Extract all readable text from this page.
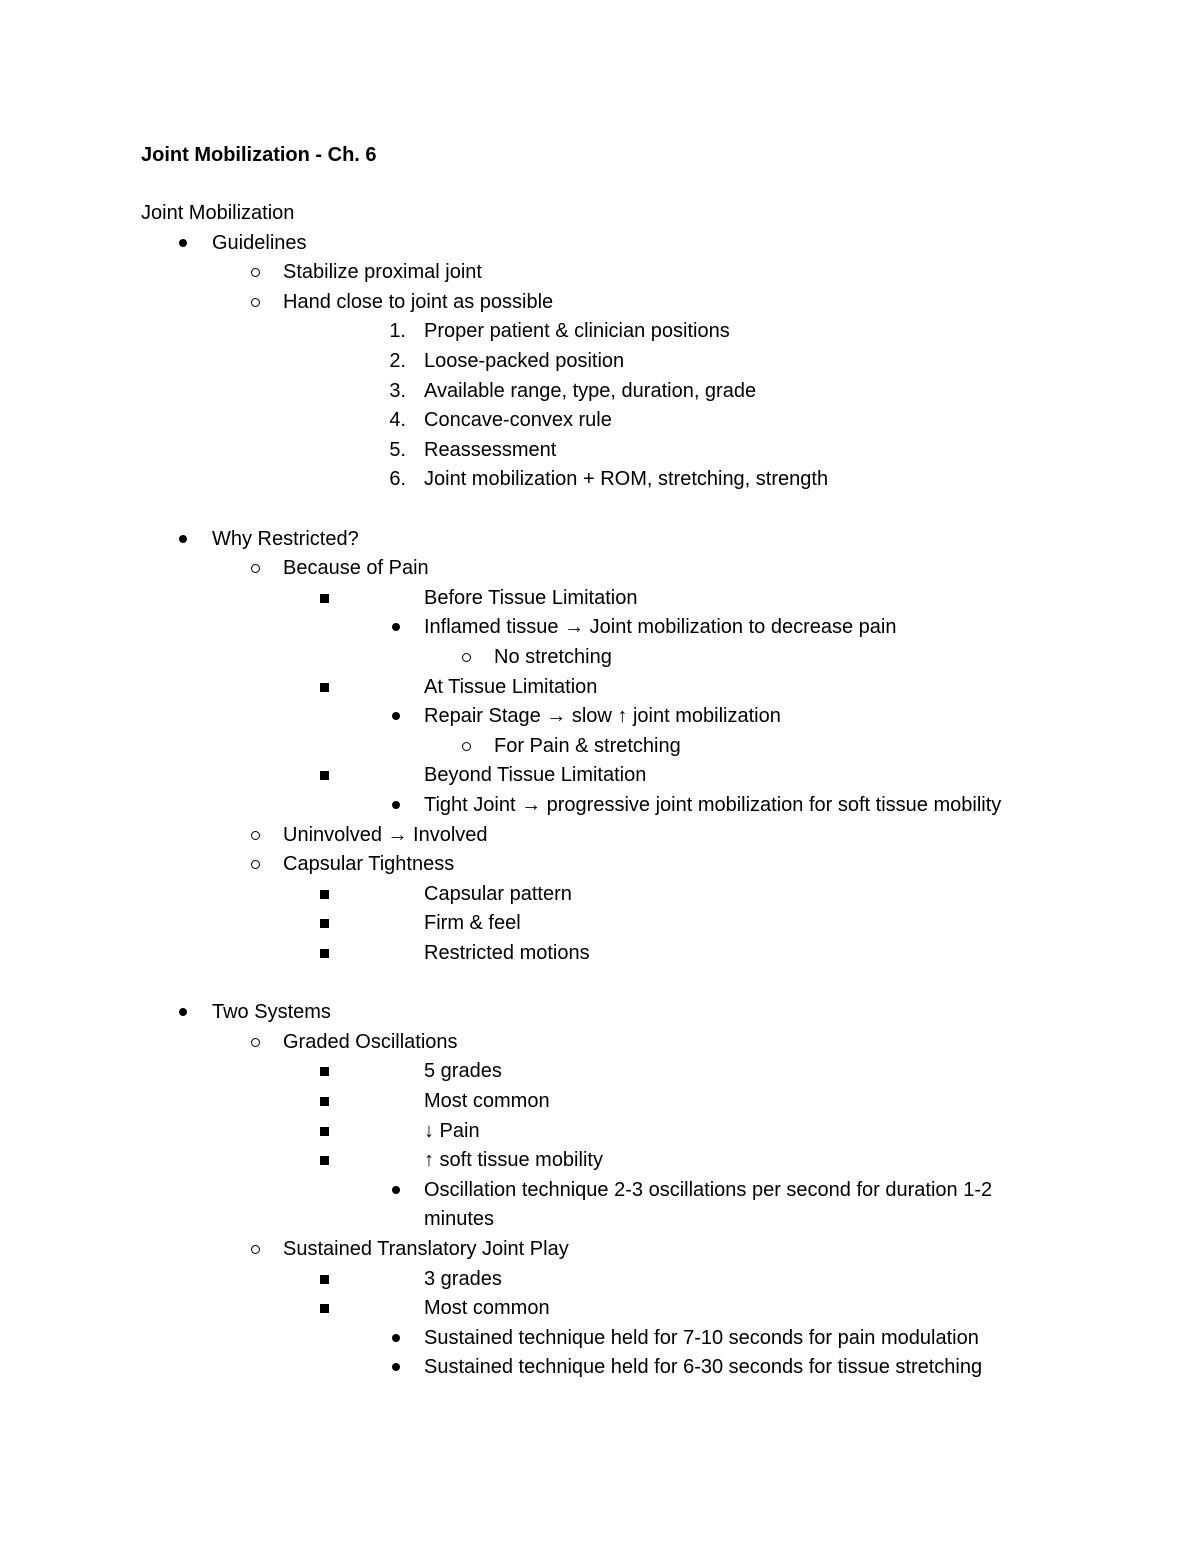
Joint Mobilization - Ch. 6
Joint Mobilization
Guidelines
Stabilize proximal joint
Hand close to joint as possible
1. Proper patient & clinician positions
2. Loose-packed position
3. Available range, type, duration, grade
4. Concave-convex rule
5. Reassessment
6. Joint mobilization + ROM, stretching, strength
Why Restricted?
Because of Pain
Before Tissue Limitation
Inflamed tissue → Joint mobilization to decrease pain
No stretching
At Tissue Limitation
Repair Stage → slow ↑ joint mobilization
For Pain & stretching
Beyond Tissue Limitation
Tight Joint → progressive joint mobilization for soft tissue mobility
Uninvolved → Involved
Capsular Tightness
Capsular pattern
Firm & feel
Restricted motions
Two Systems
Graded Oscillations
5 grades
Most common
↓ Pain
↑ soft tissue mobility
Oscillation technique 2-3 oscillations per second for duration 1-2
minutes
Sustained Translatory Joint Play
3 grades
Most common
Sustained technique held for 7-10 seconds for pain modulation
Sustained technique held for 6-30 seconds for tissue stretching
